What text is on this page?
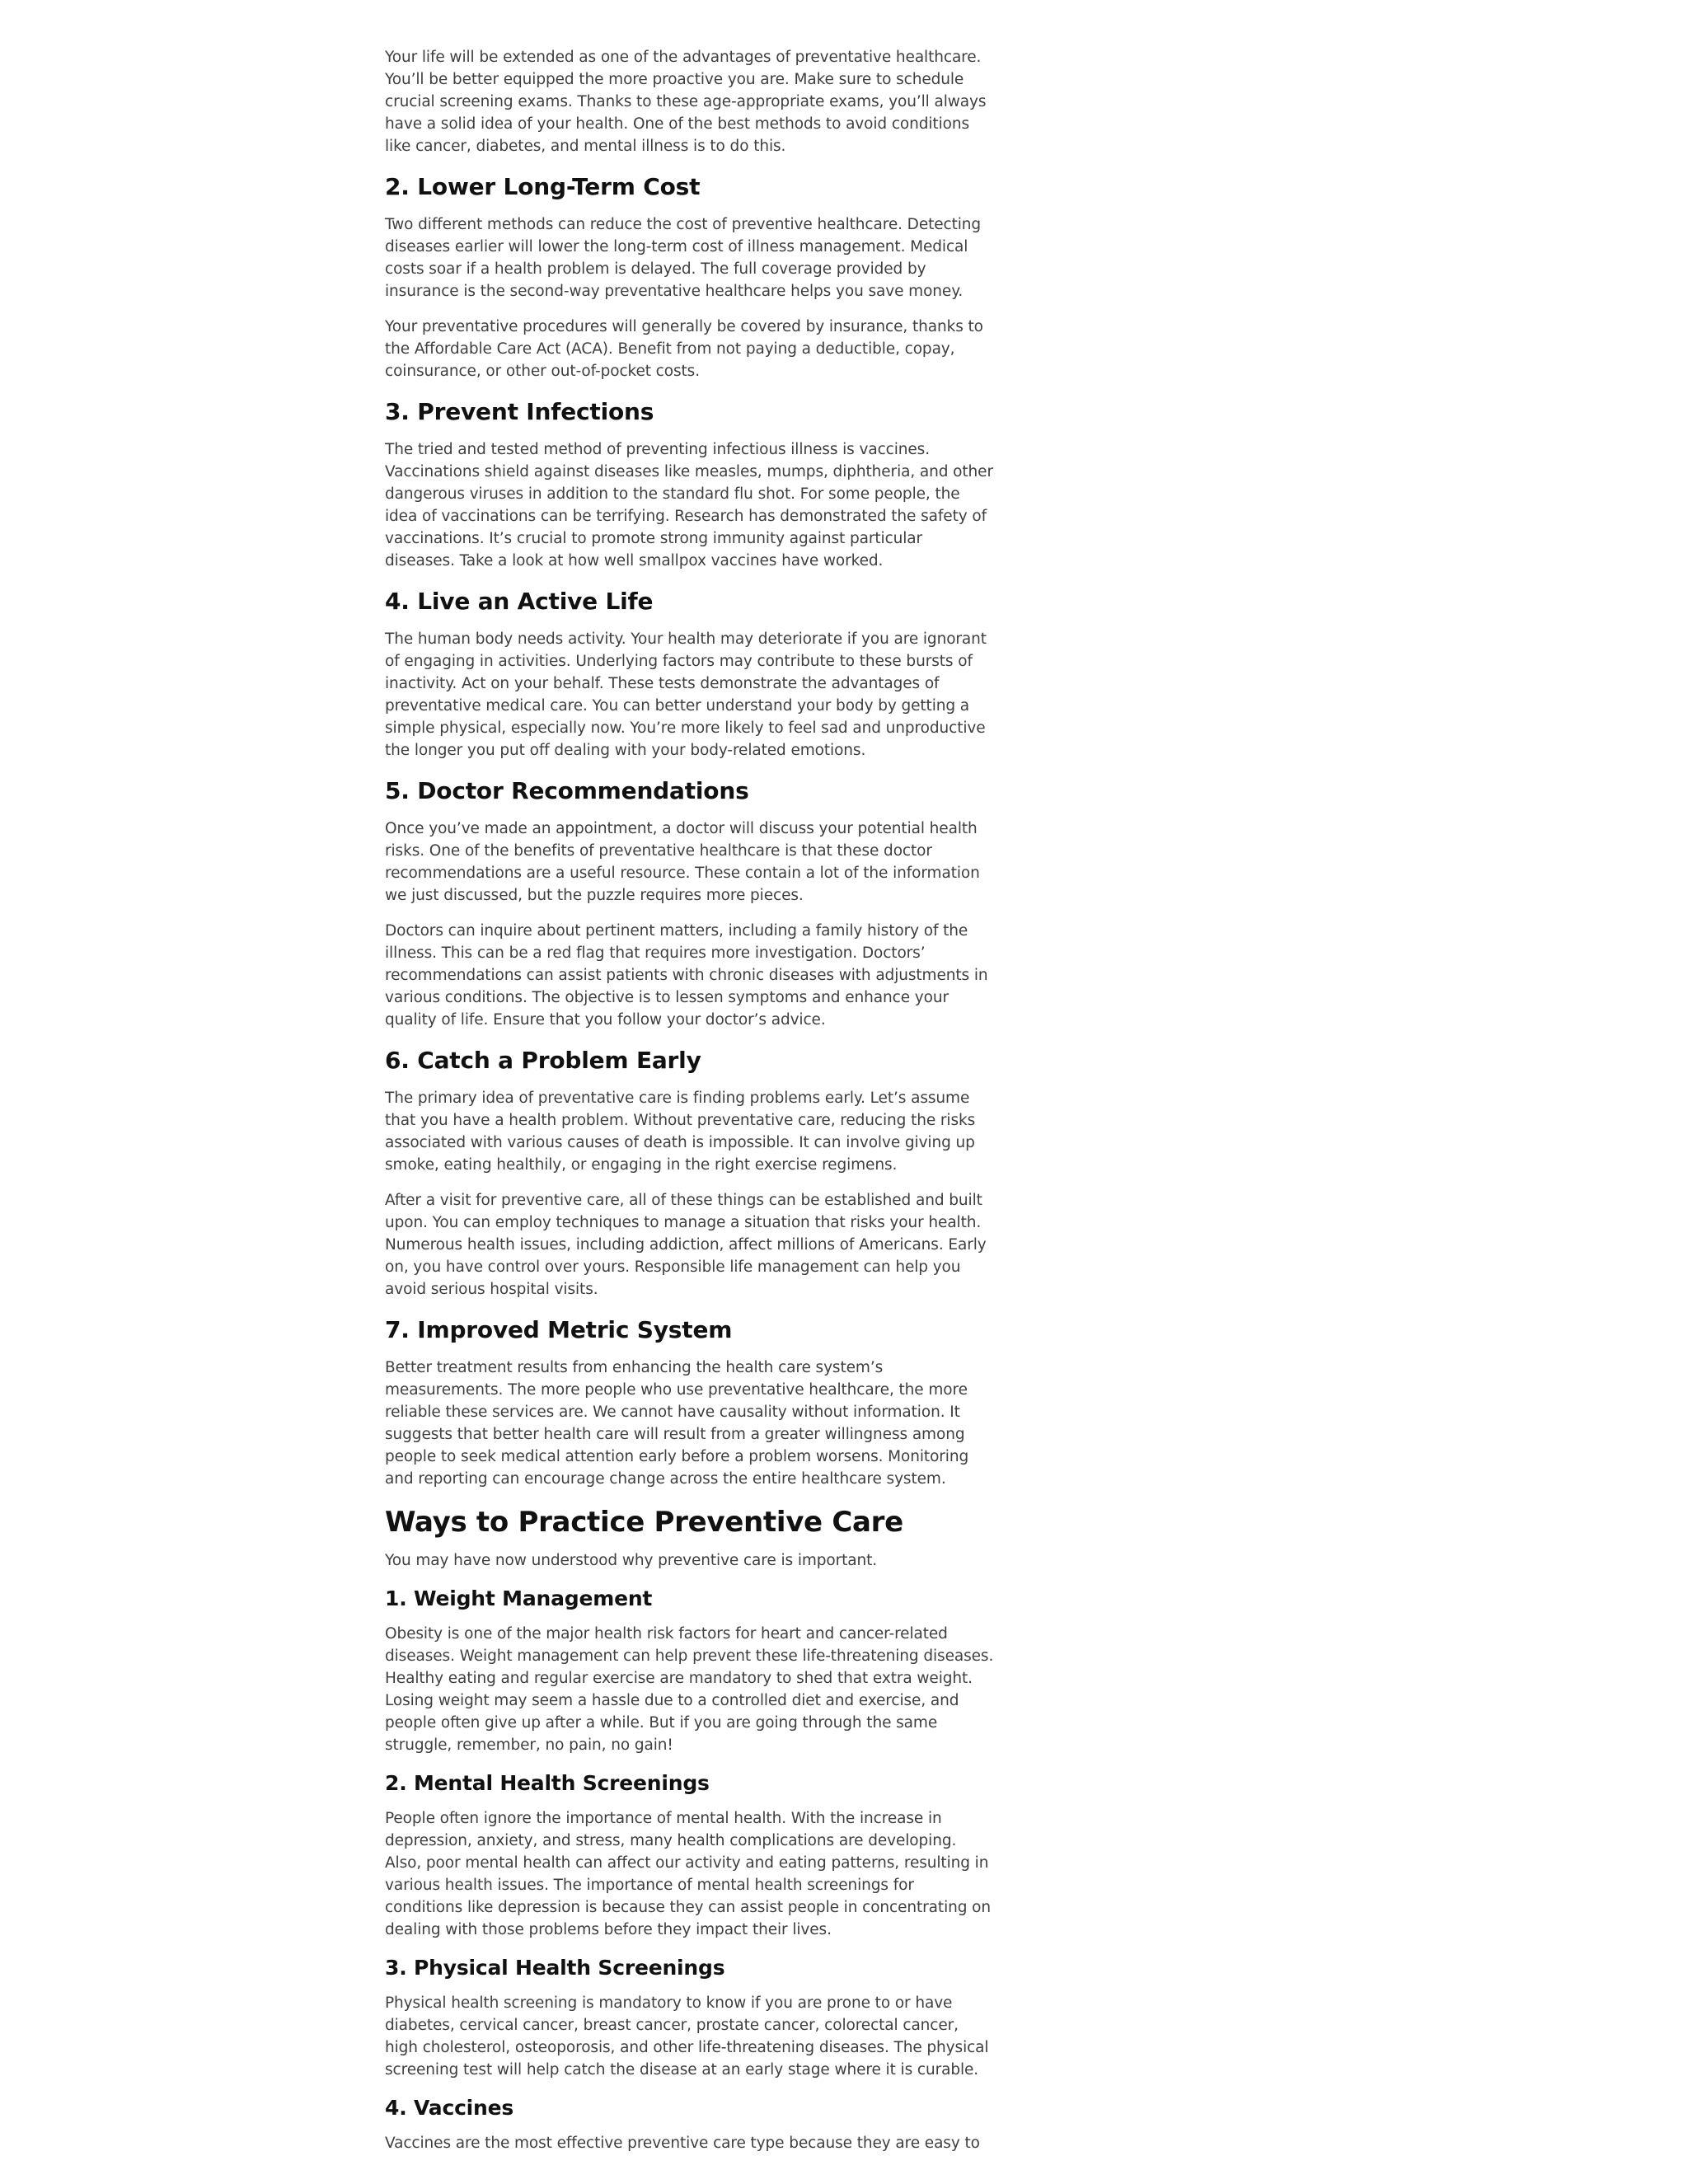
Your life will be extended as one of the advantages of preventative healthcare. You’ll be better equipped the more proactive you are. Make sure to schedule crucial screening exams. Thanks to these age-appropriate exams, you’ll always have a solid idea of your health. One of the best methods to avoid conditions like cancer, diabetes, and mental illness is to do this.

2. Lower Long-Term Cost

Two different methods can reduce the cost of preventive healthcare. Detecting diseases earlier will lower the long-term cost of illness management. Medical costs soar if a health problem is delayed. The full coverage provided by insurance is the second-way preventative healthcare helps you save money.

Your preventative procedures will generally be covered by insurance, thanks to the Affordable Care Act (ACA). Benefit from not paying a deductible, copay, coinsurance, or other out-of-pocket costs.

3. Prevent Infections

The tried and tested method of preventing infectious illness is vaccines. Vaccinations shield against diseases like measles, mumps, diphtheria, and other dangerous viruses in addition to the standard flu shot. For some people, the idea of vaccinations can be terrifying. Research has demonstrated the safety of vaccinations. It’s crucial to promote strong immunity against particular diseases. Take a look at how well smallpox vaccines have worked.

4. Live an Active Life

The human body needs activity. Your health may deteriorate if you are ignorant of engaging in activities. Underlying factors may contribute to these bursts of inactivity. Act on your behalf. These tests demonstrate the advantages of preventative medical care. You can better understand your body by getting a simple physical, especially now. You’re more likely to feel sad and unproductive the longer you put off dealing with your body-related emotions.

5. Doctor Recommendations

Once you’ve made an appointment, a doctor will discuss your potential health risks. One of the benefits of preventative healthcare is that these doctor recommendations are a useful resource. These contain a lot of the information we just discussed, but the puzzle requires more pieces.

Doctors can inquire about pertinent matters, including a family history of the illness. This can be a red flag that requires more investigation. Doctors’ recommendations can assist patients with chronic diseases with adjustments in various conditions. The objective is to lessen symptoms and enhance your quality of life. Ensure that you follow your doctor’s advice.

6. Catch a Problem Early

The primary idea of preventative care is finding problems early. Let’s assume that you have a health problem. Without preventative care, reducing the risks associated with various causes of death is impossible. It can involve giving up smoke, eating healthily, or engaging in the right exercise regimens.

After a visit for preventive care, all of these things can be established and built upon. You can employ techniques to manage a situation that risks your health. Numerous health issues, including addiction, affect millions of Americans. Early on, you have control over yours. Responsible life management can help you avoid serious hospital visits.

7. Improved Metric System

Better treatment results from enhancing the health care system’s measurements. The more people who use preventative healthcare, the more reliable these services are. We cannot have causality without information. It suggests that better health care will result from a greater willingness among people to seek medical attention early before a problem worsens. Monitoring and reporting can encourage change across the entire healthcare system.

Ways to Practice Preventive Care

You may have now understood why preventive care is important.

1. Weight Management

Obesity is one of the major health risk factors for heart and cancer-related diseases. Weight management can help prevent these life-threatening diseases. Healthy eating and regular exercise are mandatory to shed that extra weight. Losing weight may seem a hassle due to a controlled diet and exercise, and people often give up after a while. But if you are going through the same struggle, remember, no pain, no gain!

2. Mental Health Screenings

People often ignore the importance of mental health. With the increase in depression, anxiety, and stress, many health complications are developing. Also, poor mental health can affect our activity and eating patterns, resulting in various health issues. The importance of mental health screenings for conditions like depression is because they can assist people in concentrating on dealing with those problems before they impact their lives.

3. Physical Health Screenings

Physical health screening is mandatory to know if you are prone to or have diabetes, cervical cancer, breast cancer, prostate cancer, colorectal cancer, high cholesterol, osteoporosis, and other life-threatening diseases. The physical screening test will help catch the disease at an early stage where it is curable.

4. Vaccines

Vaccines are the most effective preventive care type because they are easy to
